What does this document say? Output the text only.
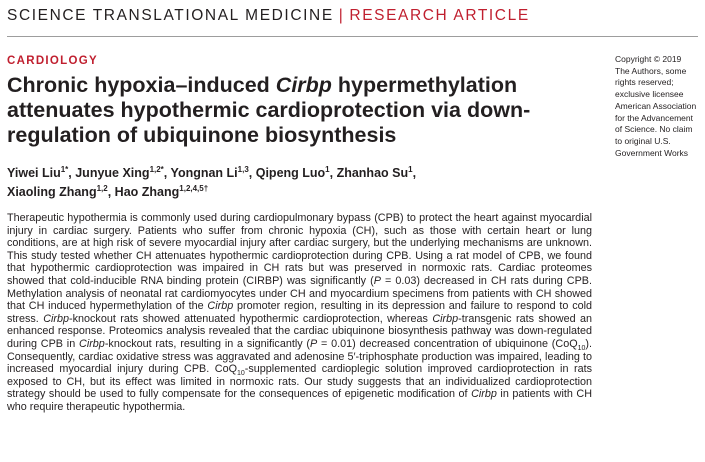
SCIENCE TRANSLATIONAL MEDICINE | RESEARCH ARTICLE
CARDIOLOGY
Chronic hypoxia–induced Cirbp hypermethylation attenuates hypothermic cardioprotection via down-regulation of ubiquinone biosynthesis
Yiwei Liu$^{1*}$, Junyue Xing$^{1,2*}$, Yongnan Li$^{1,3}$, Qipeng Luo$^1$, Zhanhao Su$^1$,
Xiaoling Zhang$^{1,2}$, Hao Zhang$^{1,2,4,5\dagger}$
Copyright © 2019
The Authors, some
rights reserved;
exclusive licensee
American Association
for the Advancement
of Science. No claim
to original U.S.
Government Works

Therapeutic hypothermia is commonly used during cardiopulmonary bypass (CPB) to protect the heart against myocardial injury in cardiac surgery. Patients who suffer from chronic hypoxia (CH), such as those with certain heart or lung conditions, are at high risk of severe myocardial injury after cardiac surgery, but the underlying mechanisms are unknown. This study tested whether CH attenuates hypothermic cardioprotection during CPB. Using a rat model of CPB, we found that hypothermic cardioprotection was impaired in CH rats but was preserved in normoxic rats. Cardiac proteomes showed that cold-inducible RNA binding protein (CIRBP) was significantly (P = 0.03) decreased in CH rats during CPB. Methylation analysis of neonatal rat cardiomyocytes under CH and myocardium specimens from patients with CH showed that CH induced hypermethylation of the Cirbp promoter region, resulting in its depression and failure to respond to cold stress. Cirbp-knockout rats showed attenuated hypothermic cardioprotection, whereas Cirbp-transgenic rats showed an enhanced response. Proteomics analysis revealed that the cardiac ubiquinone biosynthesis pathway was down-regulated during CPB in Cirbp-knockout rats, resulting in a significantly (P = 0.01) decreased concentration of ubiquinone (CoQ$_{10}$). Consequently, cardiac oxidative stress was aggravated and adenosine 5′-triphosphate production was impaired, leading to increased myocardial injury during CPB. CoQ$_{10}$-supplemented cardioplegic solution improved cardioprotection in rats exposed to CH, but its effect was limited in normoxic rats. Our study suggests that an individualized cardioprotection strategy should be used to fully compensate for the consequences of epigenetic modification of Cirbp in patients with CH who require therapeutic hypothermia.
